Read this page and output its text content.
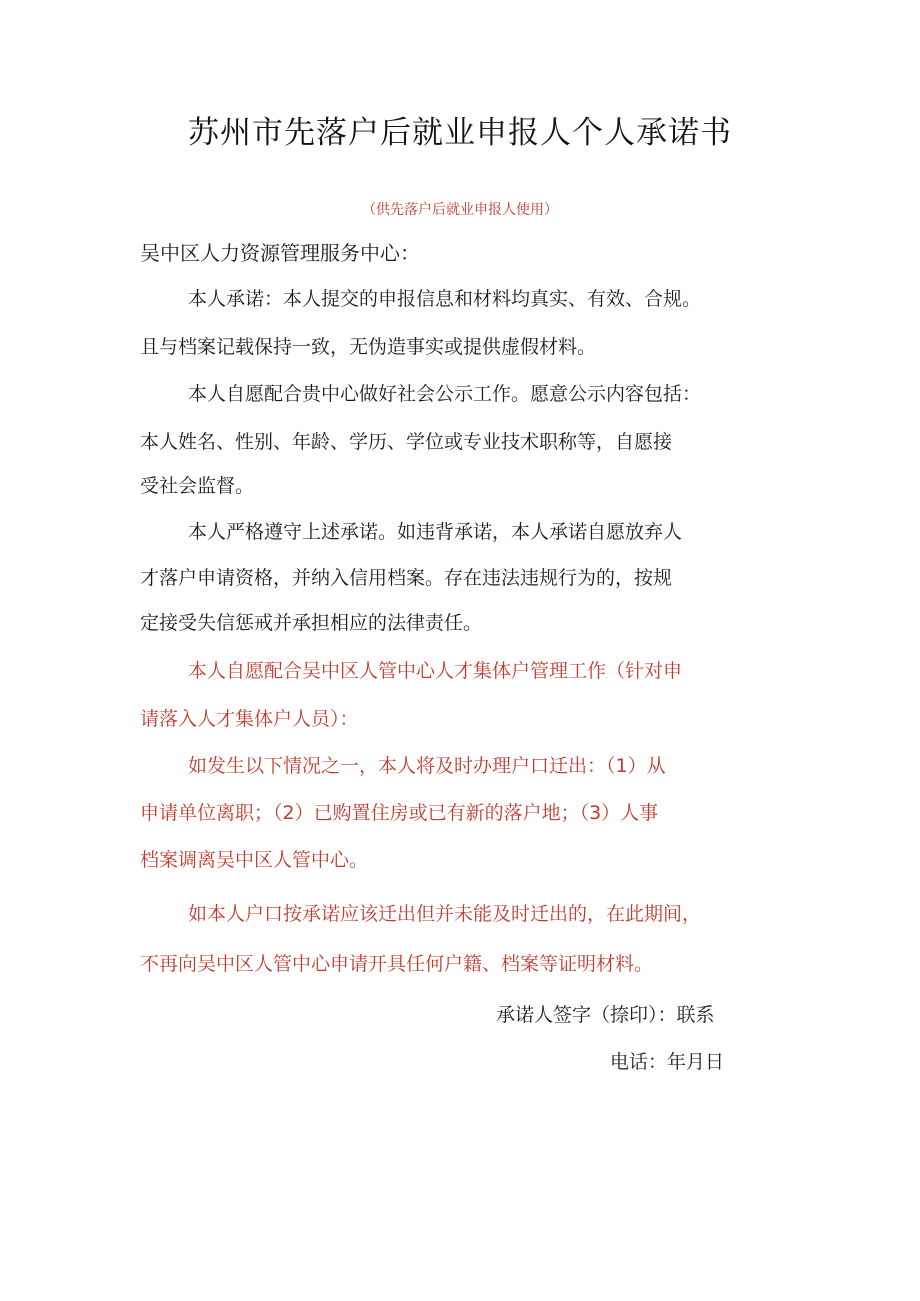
苏州市先落户后就业申报人个人承诺书
（供先落户后就业申报人使用）
吴中区人力资源管理服务中心：
本人承诺：本人提交的申报信息和材料均真实、有效、合规。
且与档案记载保持一致，无伪造事实或提供虚假材料。
本人自愿配合贵中心做好社会公示工作。愿意公示内容包括：
本人姓名、性别、年龄、学历、学位或专业技术职称等，自愿接
受社会监督。
本人严格遵守上述承诺。如违背承诺，本人承诺自愿放弃人
才落户申请资格，并纳入信用档案。存在违法违规行为的，按规
定接受失信惩戒并承担相应的法律责任。
本人自愿配合吴中区人管中心人才集体户管理工作（针对申
请落入人才集体户人员）：
如发生以下情况之一，本人将及时办理户口迁出：（1）从
申请单位离职；（2）已购置住房或已有新的落户地；（3）人事
档案调离吴中区人管中心。
如本人户口按承诺应该迁出但并未能及时迁出的，在此期间，
不再向吴中区人管中心申请开具任何户籍、档案等证明材料。
承诺人签字（捺印）：联系
电话：年月日
